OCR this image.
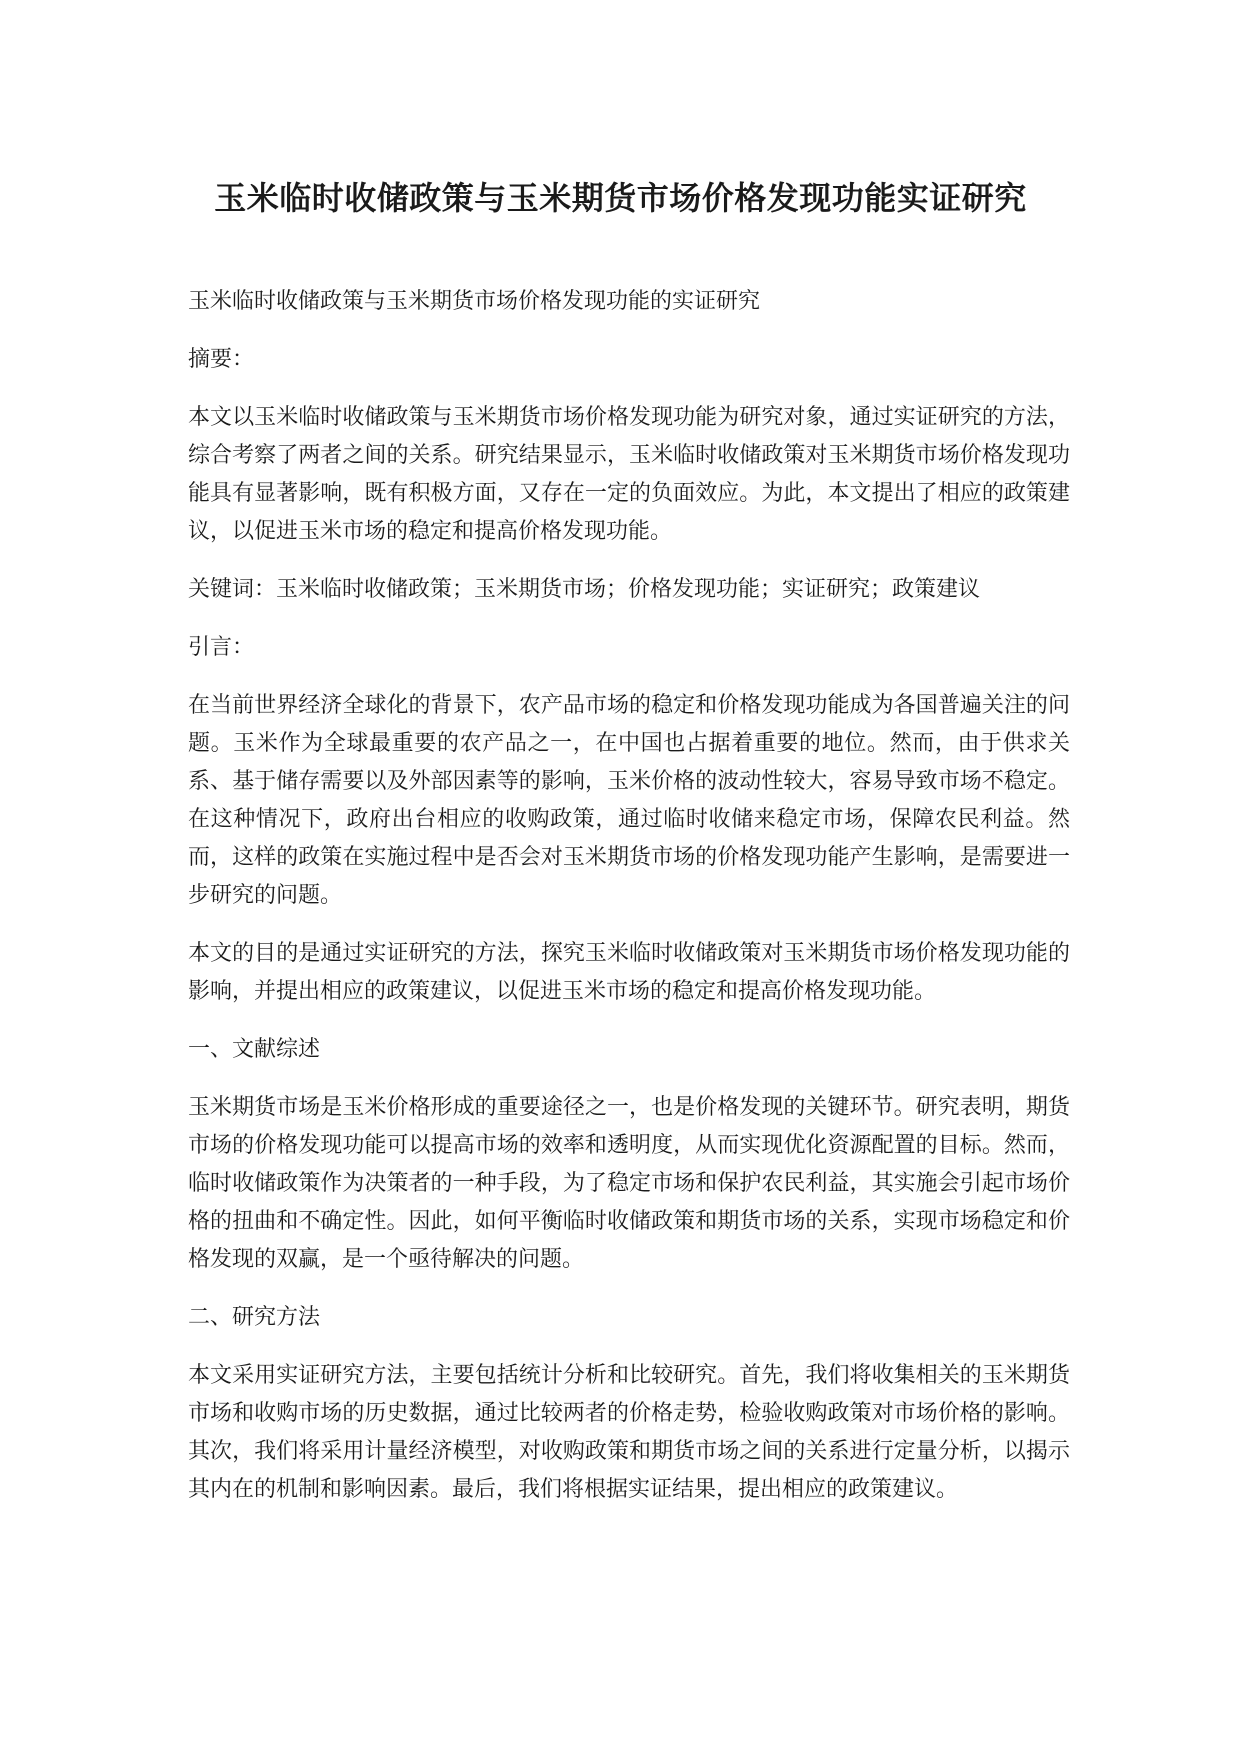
玉米临时收储政策与玉米期货市场价格发现功能实证研究

玉米临时收储政策与玉米期货市场价格发现功能的实证研究

摘要：

本文以玉米临时收储政策与玉米期货市场价格发现功能为研究对象，通过实证研究的方法，综合考察了两者之间的关系。研究结果显示，玉米临时收储政策对玉米期货市场价格发现功能具有显著影响，既有积极方面，又存在一定的负面效应。为此，本文提出了相应的政策建议，以促进玉米市场的稳定和提高价格发现功能。

关键词：玉米临时收储政策；玉米期货市场；价格发现功能；实证研究；政策建议

引言：

在当前世界经济全球化的背景下，农产品市场的稳定和价格发现功能成为各国普遍关注的问题。玉米作为全球最重要的农产品之一，在中国也占据着重要的地位。然而，由于供求关系、基于储存需要以及外部因素等的影响，玉米价格的波动性较大，容易导致市场不稳定。在这种情况下，政府出台相应的收购政策，通过临时收储来稳定市场，保障农民利益。然而，这样的政策在实施过程中是否会对玉米期货市场的价格发现功能产生影响，是需要进一步研究的问题。

本文的目的是通过实证研究的方法，探究玉米临时收储政策对玉米期货市场价格发现功能的影响，并提出相应的政策建议，以促进玉米市场的稳定和提高价格发现功能。

一、文献综述

玉米期货市场是玉米价格形成的重要途径之一，也是价格发现的关键环节。研究表明，期货市场的价格发现功能可以提高市场的效率和透明度，从而实现优化资源配置的目标。然而，临时收储政策作为决策者的一种手段，为了稳定市场和保护农民利益，其实施会引起市场价格的扭曲和不确定性。因此，如何平衡临时收储政策和期货市场的关系，实现市场稳定和价格发现的双赢，是一个亟待解决的问题。

二、研究方法

本文采用实证研究方法，主要包括统计分析和比较研究。首先，我们将收集相关的玉米期货市场和收购市场的历史数据，通过比较两者的价格走势，检验收购政策对市场价格的影响。其次，我们将采用计量经济模型，对收购政策和期货市场之间的关系进行定量分析，以揭示其内在的机制和影响因素。最后，我们将根据实证结果，提出相应的政策建议。
